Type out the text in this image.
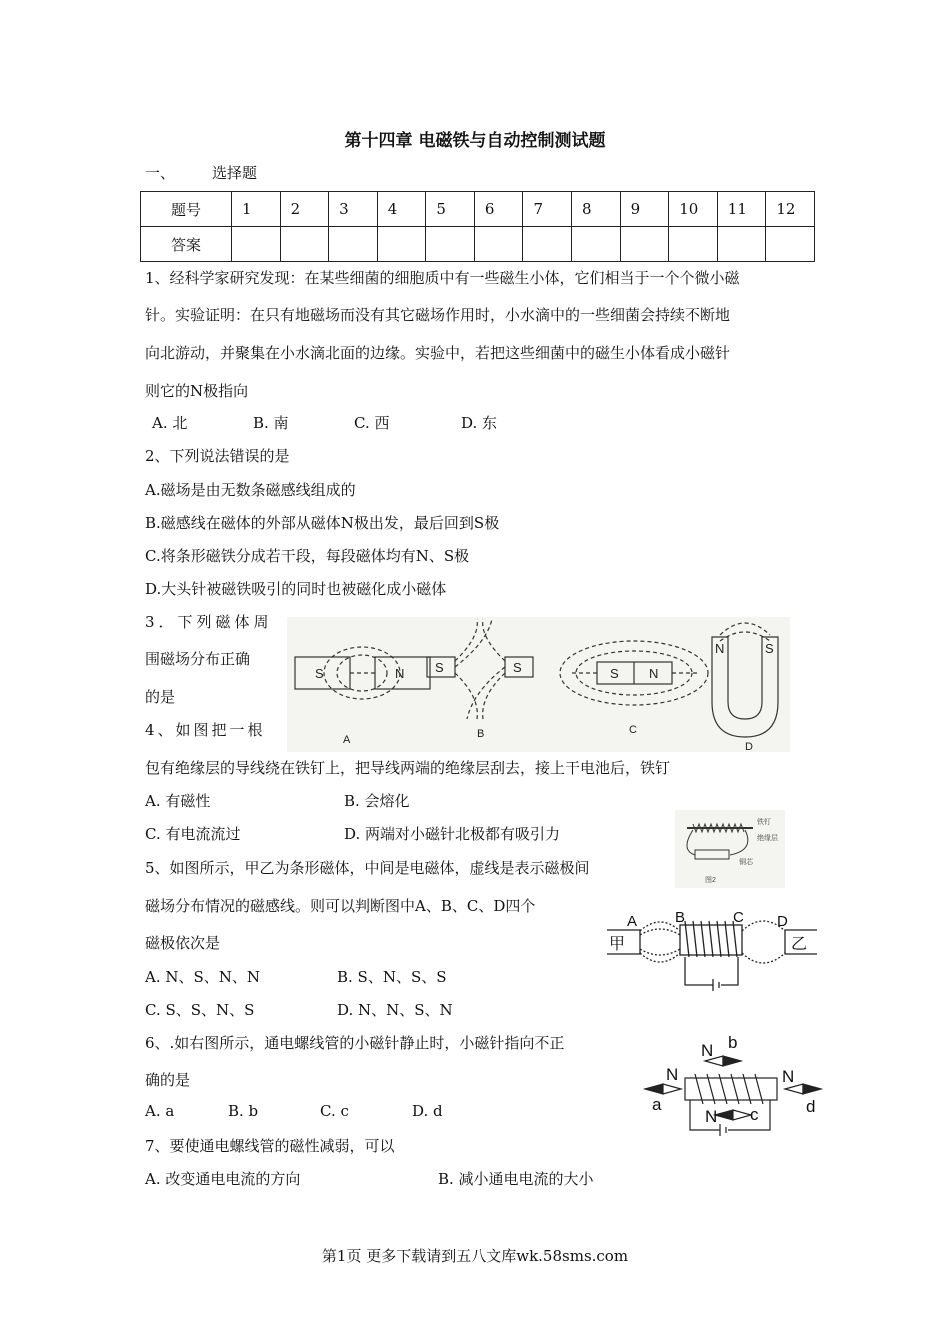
第十四章 电磁铁与自动控制测试题
一、 选择题
题号	1	2	3	4	5	6	7	8	9	10	11	12
答案												
1、经科学家研究发现：在某些细菌的细胞质中有一些磁生小体，它们相当于一个个微小磁
针。实验证明：在只有地磁场而没有其它磁场作用时，小水滴中的一些细菌会持续不断地
向北游动，并聚集在小水滴北面的边缘。实验中，若把这些细菌中的磁生小体看成小磁针
则它的N极指向
A. 北	B. 南	C. 西	D. 东
2、下列说法错误的是
A.磁场是由无数条磁感线组成的
B.磁感线在磁体的外部从磁体N极出发，最后回到S极
C.将条形磁铁分成若干段，每段磁体均有N、S极
D.大头针被磁铁吸引的同时也被磁化成小磁体
3．下列磁体周
围磁场分布正确
的是
S	N S	S	S N
N	S
A	B	C
D
4、如图把一根
包有绝缘层的导线绕在铁钉上，把导线两端的绝缘层刮去，接上干电池后，铁钉
A. 有磁性	B. 会熔化
C. 有电流流过	D. 两端对小磁针北极都有吸引力
铁钉
绝缘层
铜芯
图2
5、如图所示，甲乙为条形磁体，中间是电磁体，虚线是表示磁极间
磁场分布情况的磁感线。则可以判断图中A、B、C、D四个
磁极依次是
A. N、S、N、N	B. S、N、S、S
C. S、S、N、S	D. N、N、S、N
甲	乙
A	B	C D
6、.如右图所示，通电螺线管的小磁针静止时，小磁针指向不正
确的是
A. a	B. b	C. c	D. d
N
a
N b
N
d
N c
7、要使通电螺线管的磁性减弱，可以
A. 改变通电电流的方向	B. 减小通电电流的大小
第1页 更多下载请到五八文库wk.58sms.com
